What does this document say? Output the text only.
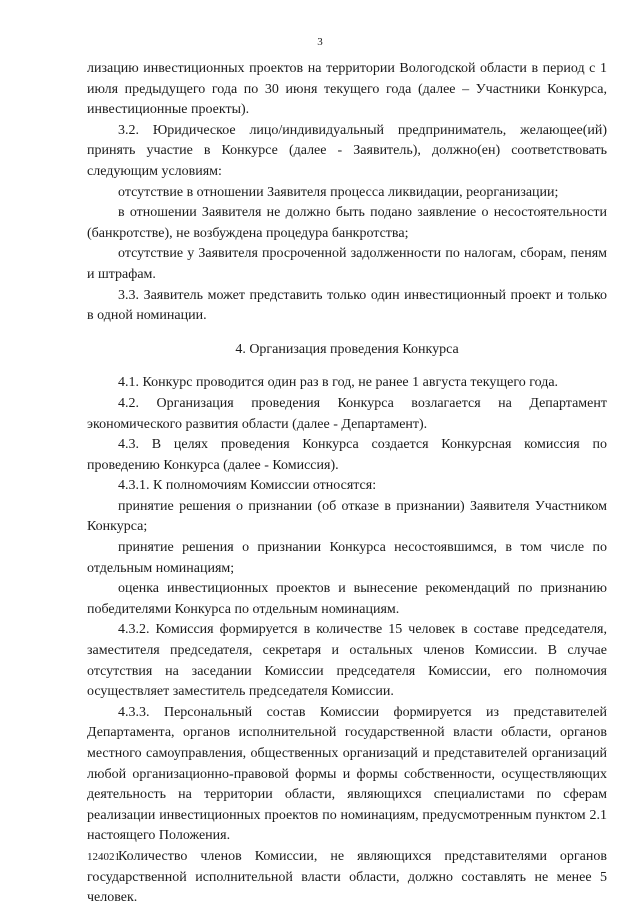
3

лизацию инвестиционных проектов на территории Вологодской области в период с 1 июля предыдущего года по 30 июня текущего года (далее – Участники Конкурса, инвестиционные проекты).

3.2. Юридическое лицо/индивидуальный предприниматель, желающее(ий) принять участие в Конкурсе (далее - Заявитель), должно(ен) соответствовать следующим условиям:

отсутствие в отношении Заявителя процесса ликвидации, реорганизации;

в отношении Заявителя не должно быть подано заявление о несостоятельности (банкротстве), не возбуждена процедура банкротства;

отсутствие у Заявителя просроченной задолженности по налогам, сборам, пеням и штрафам.

3.3. Заявитель может представить только один инвестиционный проект и только в одной номинации.

4. Организация проведения Конкурса

4.1. Конкурс проводится один раз в год, не ранее 1 августа текущего года.

4.2. Организация проведения Конкурса возлагается на Департамент экономического развития области (далее - Департамент).

4.3. В целях проведения Конкурса создается Конкурсная комиссия по проведению Конкурса (далее - Комиссия).

4.3.1. К полномочиям Комиссии относятся:

принятие решения о признании (об отказе в признании) Заявителя Участником Конкурса;

принятие решения о признании Конкурса несостоявшимся, в том числе по отдельным номинациям;

оценка инвестиционных проектов и вынесение рекомендаций по признанию победителями Конкурса по отдельным номинациям.

4.3.2. Комиссия формируется в количестве 15 человек в составе председателя, заместителя председателя, секретаря и остальных членов Комиссии. В случае отсутствия на заседании Комиссии председателя Комиссии, его полномочия осуществляет заместитель председателя Комиссии.

4.3.3. Персональный состав Комиссии формируется из представителей Департамента, органов исполнительной государственной власти области, органов местного самоуправления, общественных организаций и представителей организаций любой организационно-правовой формы и формы собственности, осуществляющих деятельность на территории области, являющихся специалистами по сферам реализации инвестиционных проектов по номинациям, предусмотренным пунктом 2.1 настоящего Положения.

Количество членов Комиссии, не являющихся представителями органов государственной исполнительной власти области, должно составлять не менее 5 человек.

124021
